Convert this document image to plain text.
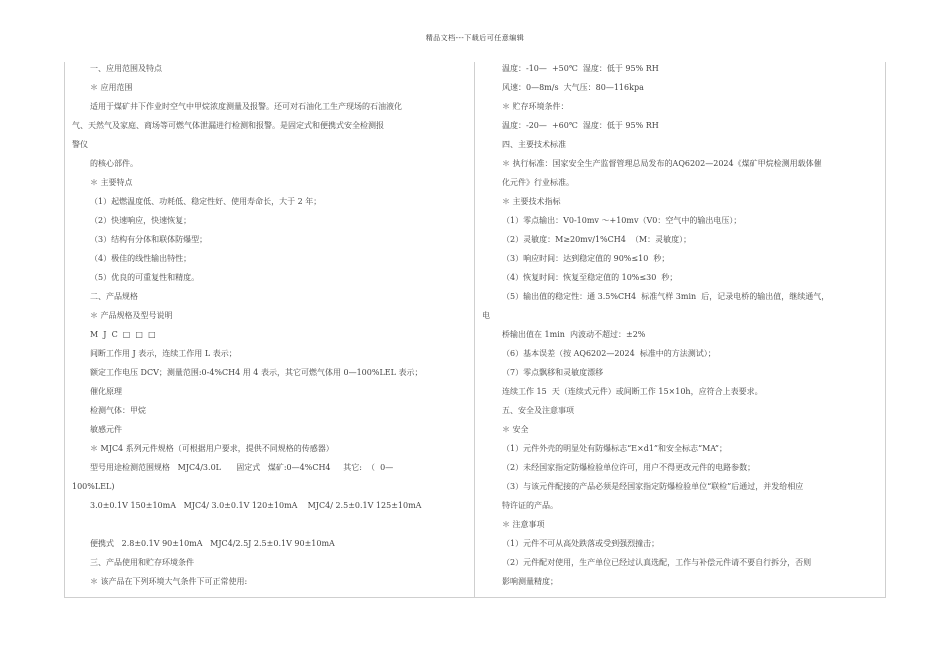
精品文档---下载后可任意编辑
一、应用范围及特点
＊ 应用范围
适用于煤矿井下作业时空气中甲烷浓度测量及报警。还可对石油化工生产现场的石油液化
气、天然气及家庭、商场等可燃气体泄漏进行检测和报警。是固定式和便携式安全检测报
警仪
的核心部件。
＊ 主要特点
（1）起燃温度低、功耗低、稳定性好、使用寿命长，大于 2 年；
（2）快速响应，快速恢复；
（3）结构有分体和联体防爆型；
（4）极佳的线性输出特性；
（5）优良的可重复性和精度。
二、产品规格
＊ 产品规格及型号说明
M  J  C  □  □  □
间断工作用 J 表示，连续工作用 L 表示；
额定工作电压 DCV；测量范围:0-4%CH4 用 4 表示，其它可燃气体用 0—100%LEL 表示；
催化原理
检测气体：甲烷
敏感元件
＊ MJC4 系列元件规格（可根据用户要求，提供不同规格的传感器）
型号用途检测范围规格   MJC4/3.0L      固定式   煤矿:0—4%CH4     其它:  （  0—
100%LEL)
3.0±0.1V 150±10mA   MJC4/ 3.0±0.1V 120±10mA    MJC4/ 2.5±0.1V 125±10mA
便携式   2.8±0.1V 90±10mA   MJC4/2.5J 2.5±0.1V 90±10mA
三、产品使用和贮存环境条件
＊ 该产品在下列环境大气条件下可正常使用:
温度：-10—  +50℃  湿度：低于 95% RH
风速：0—8m/s  大气压：80—116kpa
＊ 贮存环境条件：
温度：-20—  +60℃  湿度：低于 95% RH
四、主要技术标准
＊ 执行标准：国家安全生产监督管理总局发布的AQ6202—2024《煤矿甲烷检测用载体催
化元件》行业标准。
＊ 主要技术指标
（1）零点输出：V0-10mv ～+10mv（V0：空气中的输出电压）；
（2）灵敏度：M≥20mv/1%CH4  （M：灵敏度）；
（3）响应时间：达到稳定值的 90%≤10  秒；
（4）恢复时间：恢复至稳定值的 10%≤30  秒；
（5）输出值的稳定性：通 3.5%CH4  标准气样 3min  后，记录电桥的输出值，继续通气，
电
桥输出值在 1min  内波动不超过：±2%
（6）基本误差（按 AQ6202—2024  标准中的方法测试）；
（7）零点飘移和灵敏度漂移
连续工作 15  天（连续式元件）或间断工作 15×10h，应符合上表要求。
五、安全及注意事项
＊ 安全
（1）元件外壳的明显处有防爆标志“E×d1”和安全标志“MA”；
（2）未经国家指定防爆检验单位许可，用户不得更改元件的电路参数；
（3）与该元件配接的产品必须是经国家指定防爆检验单位“联检”后通过，并发给相应
特许证的产品。
＊ 注意事项
（1）元件不可从高处跌落或受到强烈撞击；
（2）元件配对使用，生产单位已经过认真选配，工作与补偿元件请不要自行拆分，否则
影响测量精度；
